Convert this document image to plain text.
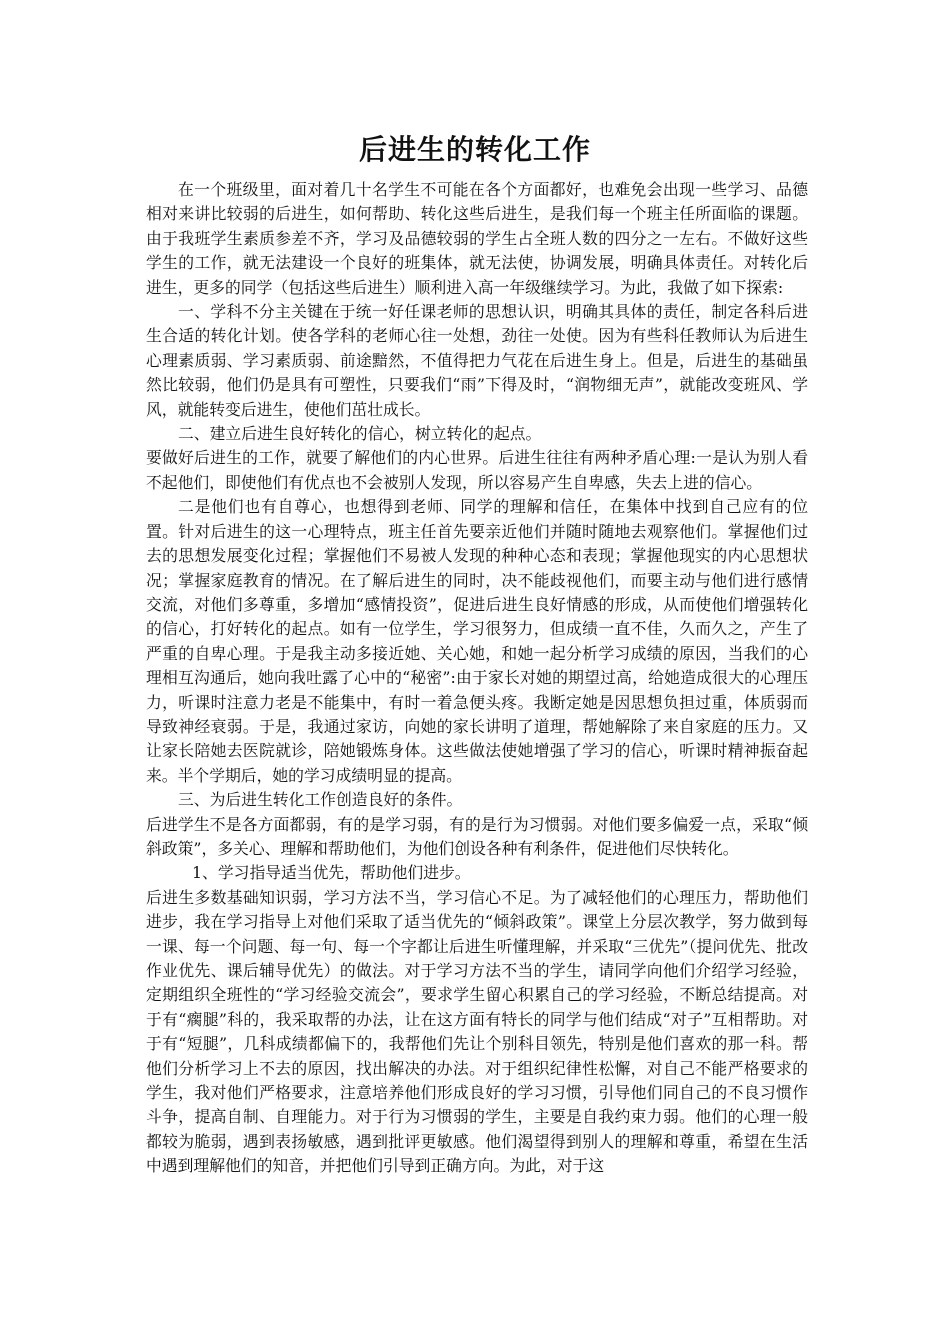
后进生的转化工作

在一个班级里，面对着几十名学生不可能在各个方面都好，也难免会出现一些学习、品德相对来讲比较弱的后进生，如何帮助、转化这些后进生，是我们每一个班主任所面临的课题。由于我班学生素质参差不齐，学习及品德较弱的学生占全班人数的四分之一左右。不做好这些学生的工作，就无法建设一个良好的班集体，就无法使，协调发展，明确具体责任。对转化后进生，更多的同学（包括这些后进生）顺利进入高一年级继续学习。为此，我做了如下探索:

一、学科不分主关键在于统一好任课老师的思想认识，明确其具体的责任，制定各科后进生合适的转化计划。使各学科的老师心往一处想，劲往一处使。因为有些科任教师认为后进生心理素质弱、学习素质弱、前途黯然，不值得把力气花在后进生身上。但是，后进生的基础虽然比较弱，他们仍是具有可塑性，只要我们“雨”下得及时，“润物细无声”，就能改变班风、学风，就能转变后进生，使他们茁壮成长。

二、建立后进生良好转化的信心，树立转化的起点。

要做好后进生的工作，就要了解他们的内心世界。后进生往往有两种矛盾心理:一是认为别人看不起他们，即使他们有优点也不会被别人发现，所以容易产生自卑感，失去上进的信心。

二是他们也有自尊心，也想得到老师、同学的理解和信任，在集体中找到自己应有的位置。针对后进生的这一心理特点，班主任首先要亲近他们并随时随地去观察他们。掌握他们过去的思想发展变化过程；掌握他们不易被人发现的种种心态和表现；掌握他现实的内心思想状况；掌握家庭教育的情况。在了解后进生的同时，决不能歧视他们，而要主动与他们进行感情交流，对他们多尊重，多增加“感情投资”，促进后进生良好情感的形成，从而使他们增强转化的信心，打好转化的起点。如有一位学生，学习很努力，但成绩一直不佳，久而久之，产生了严重的自卑心理。于是我主动多接近她、关心她，和她一起分析学习成绩的原因，当我们的心理相互沟通后，她向我吐露了心中的“秘密”:由于家长对她的期望过高，给她造成很大的心理压力，听课时注意力老是不能集中，有时一着急便头疼。我断定她是因思想负担过重，体质弱而导致神经衰弱。于是，我通过家访，向她的家长讲明了道理，帮她解除了来自家庭的压力。又让家长陪她去医院就诊，陪她锻炼身体。这些做法使她增强了学习的信心，听课时精神振奋起来。半个学期后，她的学习成绩明显的提高。

三、为后进生转化工作创造良好的条件。

后进学生不是各方面都弱，有的是学习弱，有的是行为习惯弱。对他们要多偏爱一点，采取“倾斜政策”，多关心、理解和帮助他们，为他们创设各种有利条件，促进他们尽快转化。

1、学习指导适当优先，帮助他们进步。

后进生多数基础知识弱，学习方法不当，学习信心不足。为了减轻他们的心理压力，帮助他们进步，我在学习指导上对他们采取了适当优先的“倾斜政策”。课堂上分层次教学，努力做到每一课、每一个问题、每一句、每一个字都让后进生听懂理解，并采取“三优先”（提问优先、批改作业优先、课后辅导优先）的做法。对于学习方法不当的学生，请同学向他们介绍学习经验，定期组织全班性的“学习经验交流会”，要求学生留心积累自己的学习经验，不断总结提高。对于有“瘸腿”科的，我采取帮的办法，让在这方面有特长的同学与他们结成“对子”互相帮助。对于有“短腿”，几科成绩都偏下的，我帮他们先让个别科目领先，特别是他们喜欢的那一科。帮他们分析学习上不去的原因，找出解决的办法。对于组织纪律性松懈，对自己不能严格要求的学生，我对他们严格要求，注意培养他们形成良好的学习习惯，引导他们同自己的不良习惯作斗争，提高自制、自理能力。对于行为习惯弱的学生，主要是自我约束力弱。他们的心理一般都较为脆弱，遇到表扬敏感，遇到批评更敏感。他们渴望得到别人的理解和尊重，希望在生活中遇到理解他们的知音，并把他们引导到正确方向。为此，对于这
